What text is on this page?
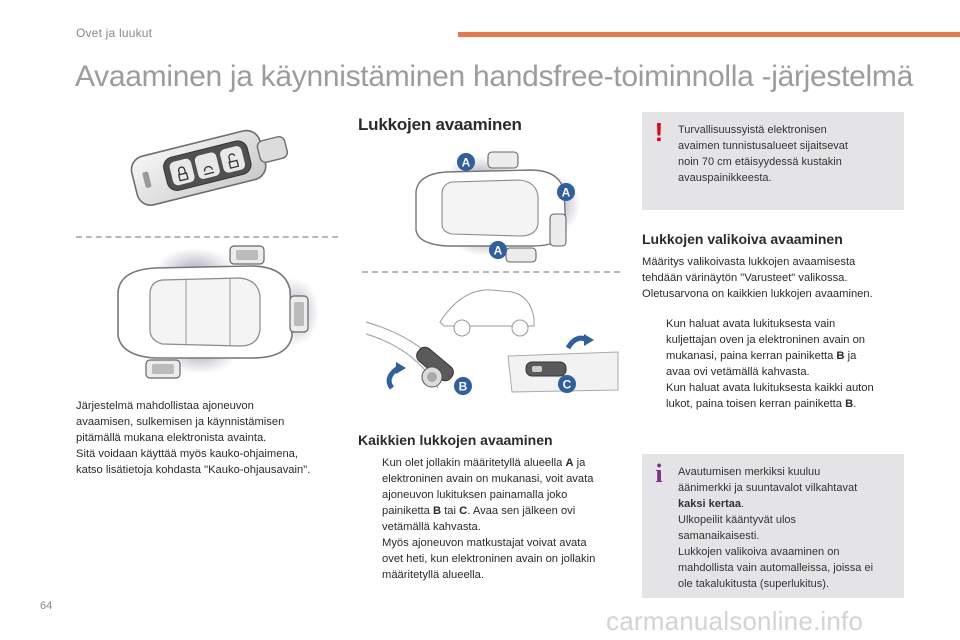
Ovet ja luukut
Avaaminen ja käynnistäminen handsfree-toiminnolla -järjestelmä
Järjestelmä mahdollistaa ajoneuvon
avaamisen, sulkemisen ja käynnistämisen
pitämällä mukana elektronista avainta.
Sitä voidaan käyttää myös kauko-ohjaimena,
katso lisätietoja kohdasta "Kauko-ohjausavain".
Lukkojen avaaminen
A
A
A
B	C
Kaikkien lukkojen avaaminen
Kun olet jollakin määritetyllä alueella A ja
elektroninen avain on mukanasi, voit avata
ajoneuvon lukituksen painamalla joko
painiketta B tai C. Avaa sen jälkeen ovi
vetämällä kahvasta.
Myös ajoneuvon matkustajat voivat avata
ovet heti, kun elektroninen avain on jollakin
määritetyllä alueella.
!	Turvallisuussyistä elektronisen
avaimen tunnistusalueet sijaitsevat
noin 70 cm etäisyydessä kustakin
avauspainikkeesta.
Lukkojen valikoiva avaaminen
Määritys valikoivasta lukkojen avaamisesta
tehdään värinäytön "Varusteet" valikossa.
Oletusarvona on kaikkien lukkojen avaaminen.
Kun haluat avata lukituksesta vain
kuljettajan oven ja elektroninen avain on
mukanasi, paina kerran painiketta B ja
avaa ovi vetämällä kahvasta.
Kun haluat avata lukituksesta kaikki auton
lukot, paina toisen kerran painiketta B.
i	Avautumisen merkiksi kuuluu
äänimerkki ja suuntavalot vilkahtavat
kaksi kertaa.
Ulkopeilit kääntyvät ulos
samanaikaisesti.
Lukkojen valikoiva avaaminen on
mahdollista vain automalleissa, joissa ei
ole takalukitusta (superlukitus).
64	carmanualsonline.info
